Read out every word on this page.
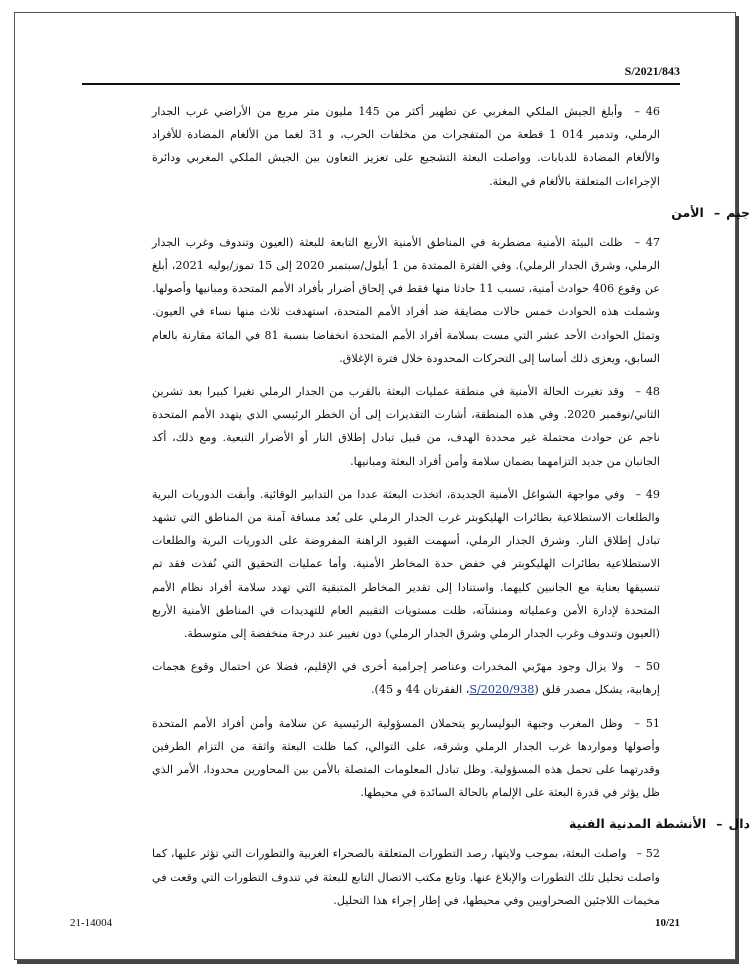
S/2021/843

46 – وأبلغ الجيش الملكي المغربي عن تطهير أكثر من 145 مليون متر مربع من الأراضي غرب الجدار الرملي، وتدمير 014 1 قطعة من المتفجرات من مخلفات الحرب، و 31 لغما من الألغام المضادة للأفراد والألغام المضادة للدبابات. وواصلت البعثة التشجيع على تعزيز التعاون بين الجيش الملكي المغربي ودائرة الإجراءات المتعلقة بالألغام في البعثة.

جيم–الأمن

47 – ظلت البيئة الأمنية مضطربة في المناطق الأمنية الأربع التابعة للبعثة (العيون وتندوف وغرب الجدار الرملي، وشرق الجدار الرملي). وفي الفترة الممتدة من 1 أيلول/سبتمبر 2020 إلى 15 تموز/يوليه 2021، أبلغ عن وقوع 406 حوادث أمنية، تسبب 11 حادثا منها فقط في إلحاق أضرار بأفراد الأمم المتحدة ومبانيها وأصولها. وشملت هذه الحوادث خمس حالات مضايقة ضد أفراد الأمم المتحدة، استهدفت ثلاث منها نساء في العيون. وتمثل الحوادث الأحد عشر التي مست بسلامة أفراد الأمم المتحدة انخفاضا بنسبة 81 في المائة مقارنة بالعام السابق، ويعزى ذلك أساسا إلى التحركات المحدودة خلال فترة الإغلاق.

48 – وقد تغيرت الحالة الأمنية في منطقة عمليات البعثة بالقرب من الجدار الرملي تغيرا كبيرا بعد تشرين الثاني/نوفمبر 2020. وفي هذه المنطقة، أشارت التقديرات إلى أن الخطر الرئيسي الذي يتهدد الأمم المتحدة ناجم عن حوادث محتملة غير محددة الهدف، من قبيل تبادل إطلاق النار أو الأضرار التبعية. ومع ذلك، أكد الجانبان من جديد التزامهما بضمان سلامة وأمن أفراد البعثة ومبانيها.

49 – وفي مواجهة الشواغل الأمنية الجديدة، اتخذت البعثة عددا من التدابير الوقائية. وأبقت الدوريات البرية والطلعات الاستطلاعية بطائرات الهليكوبتر غرب الجدار الرملي على بُعد مسافة آمنة من المناطق التي تشهد تبادل إطلاق النار. وشرق الجدار الرملي، أسهمت القيود الراهنة المفروضة على الدوريات البرية والطلعات الاستطلاعية بطائرات الهليكوبتر في خفض حدة المخاطر الأمنية. وأما عمليات التحقيق التي نُفذت فقد تم تنسيقها بعناية مع الجانبين كليهما. واستنادا إلى تقدير المخاطر المتبقية التي تهدد سلامة أفراد نظام الأمم المتحدة لإدارة الأمن وعملياته ومنشآته، ظلت مستويات التقييم العام للتهديدات في المناطق الأمنية الأربع (العيون وتندوف وغرب الجدار الرملي وشرق الجدار الرملي) دون تغيير عند درجة منخفضة إلى متوسطة.

50 – ولا يزال وجود مهرّبي المخدرات وعناصر إجرامية أخرى في الإقليم، فضلا عن احتمال وقوع هجمات إرهابية، يشكل مصدر قلق (S/2020/938، الفقرتان 44 و 45).

51 – وظل المغرب وجبهة البوليساريو يتحملان المسؤولية الرئيسية عن سلامة وأمن أفراد الأمم المتحدة وأصولها ومواردها غرب الجدار الرملي وشرقه، على التوالي، كما ظلت البعثة واثقة من التزام الطرفين وقدرتهما على تحمل هذه المسؤولية. وظل تبادل المعلومات المتصلة بالأمن بين المحاورين محدودا، الأمر الذي ظل يؤثر في قدرة البعثة على الإلمام بالحالة السائدة في محيطها.

دال–الأنشطة المدنية الفنية

52 – واصلت البعثة، بموجب ولايتها، رصد التطورات المتعلقة بالصحراء الغربية والتطورات التي تؤثر عليها، كما واصلت تحليل تلك التطورات والإبلاغ عنها. وتابع مكتب الاتصال التابع للبعثة في تندوف التطورات التي وقعت في مخيمات اللاجئين الصحراويين وفي محيطها، في إطار إجراء هذا التحليل.

21-14004	10/21
